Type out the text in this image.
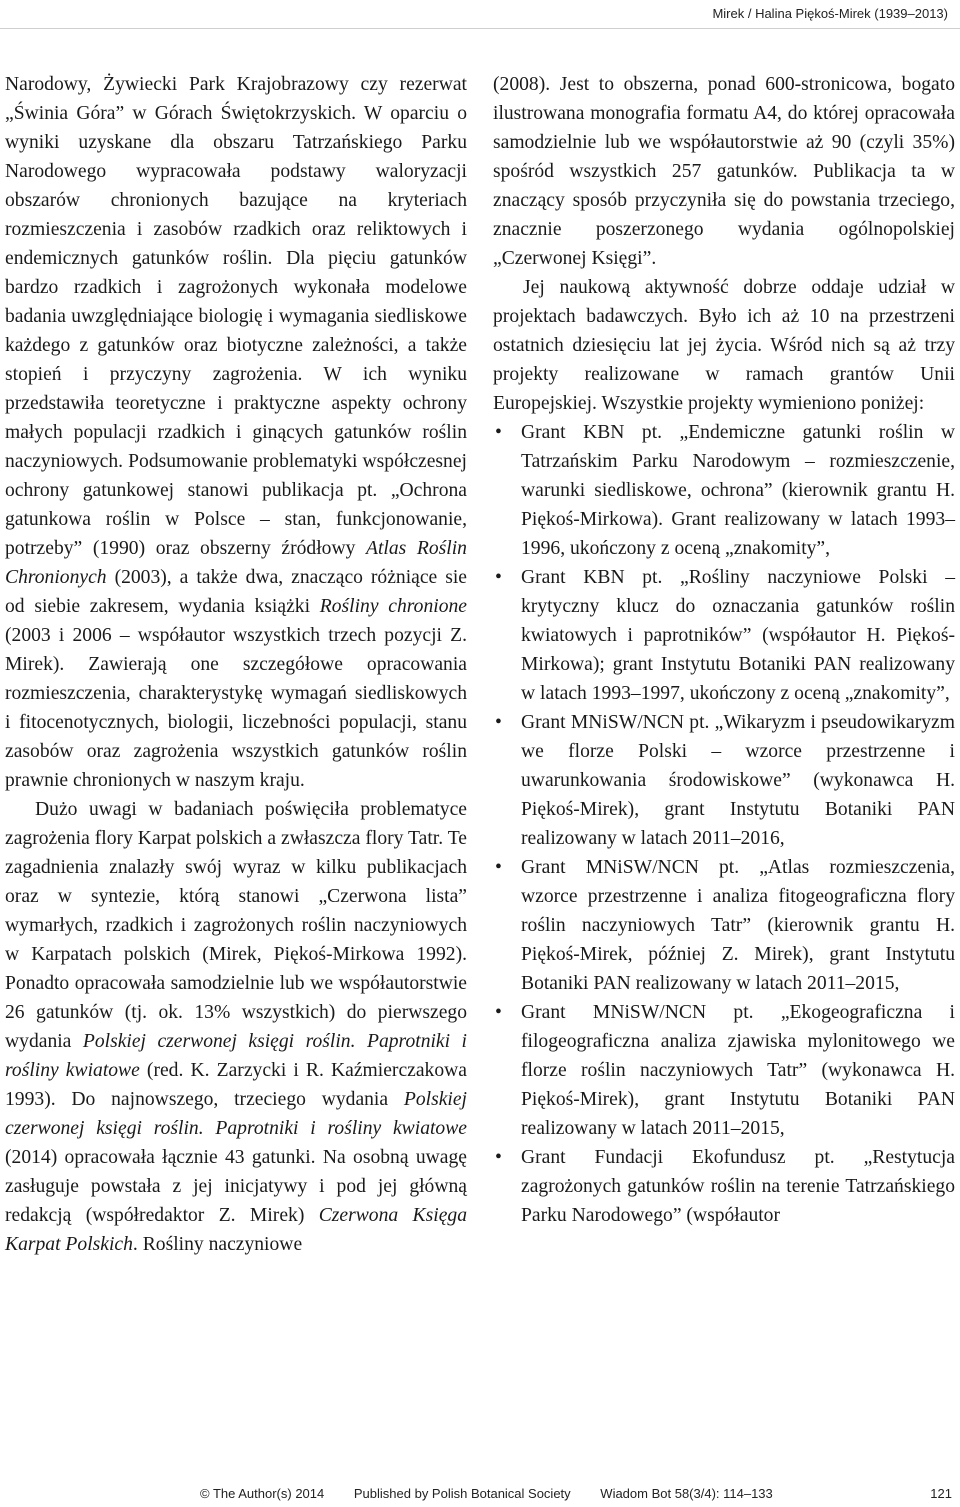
Mirek / Halina Piękoś-Mirek (1939–2013)

Narodowy, Żywiecki Park Krajobrazowy czy rezerwat „Świnia Góra” w Górach Świętokrzyskich. W oparciu o wyniki uzyskane dla obszaru Tatrzańskiego Parku Narodowego wypracowała podstawy waloryzacji obszarów chronionych bazujące na kryteriach rozmieszczenia i zasobów rzadkich oraz reliktowych i endemicznych gatunków roślin. Dla pięciu gatunków bardzo rzadkich i zagrożonych wykonała modelowe badania uwzględniające biologię i wymagania siedliskowe każdego z gatunków oraz biotyczne zależności, a także stopień i przyczyny zagrożenia. W ich wyniku przedstawiła teoretyczne i praktyczne aspekty ochrony małych populacji rzadkich i ginących gatunków roślin naczyniowych. Podsumowanie problematyki współczesnej ochrony gatunkowej stanowi publikacja pt. „Ochrona gatunkowa roślin w Polsce – stan, funkcjonowanie, potrzeby” (1990) oraz obszerny źródłowy Atlas Roślin Chronionych (2003), a także dwa, znacząco różniące sie od siebie zakresem, wydania książki Rośliny chronione (2003 i 2006 – współautor wszystkich trzech pozycji Z. Mirek). Zawierają one szczegółowe opracowania rozmieszczenia, charakterystykę wymagań siedliskowych i fitocenotycznych, biologii, liczebności populacji, stanu zasobów oraz zagrożenia wszystkich gatunków roślin prawnie chronionych w naszym kraju.

Dużo uwagi w badaniach poświęciła problematyce zagrożenia flory Karpat polskich a zwłaszcza flory Tatr. Te zagadnienia znalazły swój wyraz w kilku publikacjach oraz w syntezie, którą stanowi „Czerwona lista” wymarłych, rzadkich i zagrożonych roślin naczyniowych w Karpatach polskich (Mirek, Piękoś-Mirkowa 1992). Ponadto opracowała samodzielnie lub we współautorstwie 26 gatunków (tj. ok. 13% wszystkich) do pierwszego wydania Polskiej czerwonej księgi roślin. Paprotniki i rośliny kwiatowe (red. K. Zarzycki i R. Kaźmierczakowa 1993). Do najnowszego, trzeciego wydania Polskiej czerwonej księgi roślin. Paprotniki i rośliny kwiatowe (2014) opracowała łącznie 43 gatunki. Na osobną uwagę zasługuje powstała z jej inicjatywy i pod jej główną redakcją (współredaktor Z. Mirek) Czerwona Księga Karpat Polskich. Rośliny naczyniowe

(2008). Jest to obszerna, ponad 600-stronicowa, bogato ilustrowana monografia formatu A4, do której opracowała samodzielnie lub we współautorstwie aż 90 (czyli 35%) spośród wszystkich 257 gatunków. Publikacja ta w znaczący sposób przyczyniła się do powstania trzeciego, znacznie poszerzonego wydania ogólnopolskiej „Czerwonej Księgi”.

Jej naukową aktywność dobrze oddaje udział w projektach badawczych. Było ich aż 10 na przestrzeni ostatnich dziesięciu lat jej życia. Wśród nich są aż trzy projekty realizowane w ramach grantów Unii Europejskiej. Wszystkie projekty wymieniono poniżej:

• Grant KBN pt. „Endemiczne gatunki roślin w Tatrzańskim Parku Narodowym – rozmieszczenie, warunki siedliskowe, ochrona” (kierownik grantu H. Piękoś-Mirkowa). Grant realizowany w latach 1993–1996, ukończony z oceną „znakomity”,
• Grant KBN pt. „Rośliny naczyniowe Polski – krytyczny klucz do oznaczania gatunków roślin kwiatowych i paprotników” (współautor H. Piękoś-Mirkowa); grant Instytutu Botaniki PAN realizowany w latach 1993–1997, ukończony z oceną „znakomity”,
• Grant MNiSW/NCN pt. „Wikaryzm i pseudowikaryzm we florze Polski – wzorce przestrzenne i uwarunkowania środowiskowe” (wykonawca H. Piękoś-Mirek), grant Instytutu Botaniki PAN realizowany w latach 2011–2016,
• Grant MNiSW/NCN pt. „Atlas rozmieszczenia, wzorce przestrzenne i analiza fitogeograficzna flory roślin naczyniowych Tatr” (kierownik grantu H. Piękoś-Mirek, później Z. Mirek), grant Instytutu Botaniki PAN realizowany w latach 2011–2015,
• Grant MNiSW/NCN pt. „Ekogeograficzna i filogeograficzna analiza zjawiska mylonitowego we florze roślin naczyniowych Tatr” (wykonawca H. Piękoś-Mirek), grant Instytutu Botaniki PAN realizowany w latach 2011–2015,
• Grant Fundacji Ekofundusz pt. „Restytucja zagrożonych gatunków roślin na terenie Tatrzańskiego Parku Narodowego” (współautor
© The Author(s) 2014 Published by Polish Botanical Society Wiadom Bot 58(3/4): 114–133	121
